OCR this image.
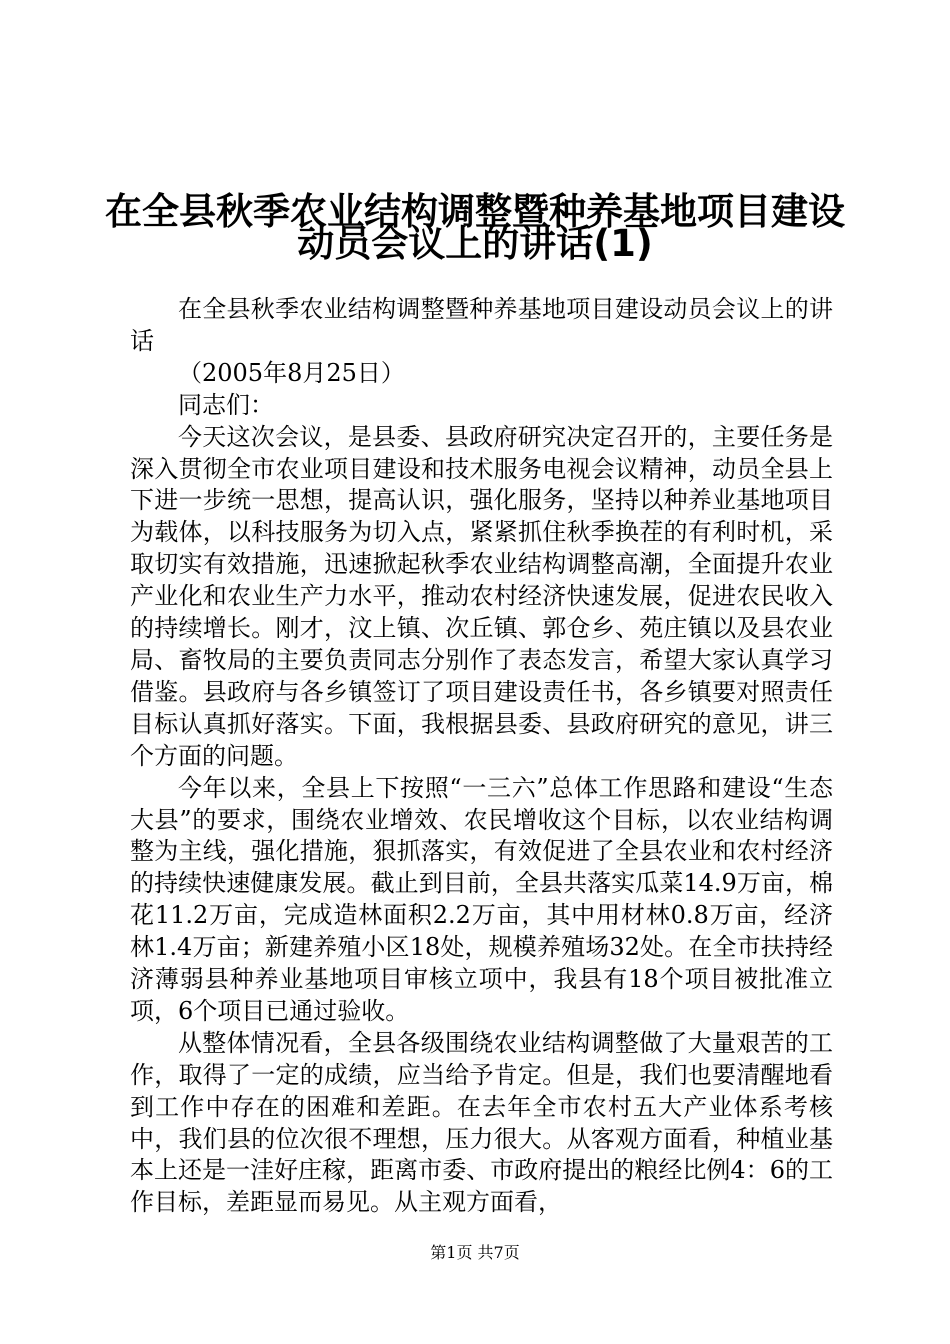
在全县秋季农业结构调整暨种养基地项目建设
动员会议上的讲话(1)

在全县秋季农业结构调整暨种养基地项目建设动员会议上的讲话

（2005年8月25日）

同志们：

今天这次会议，是县委、县政府研究决定召开的，主要任务是深入贯彻全市农业项目建设和技术服务电视会议精神，动员全县上下进一步统一思想，提高认识，强化服务，坚持以种养业基地项目为载体，以科技服务为切入点，紧紧抓住秋季换茬的有利时机，采取切实有效措施，迅速掀起秋季农业结构调整高潮，全面提升农业产业化和农业生产力水平，推动农村经济快速发展，促进农民收入的持续增长。刚才，汶上镇、次丘镇、郭仓乡、苑庄镇以及县农业局、畜牧局的主要负责同志分别作了表态发言，希望大家认真学习借鉴。县政府与各乡镇签订了项目建设责任书，各乡镇要对照责任目标认真抓好落实。下面，我根据县委、县政府研究的意见，讲三个方面的问题。

今年以来，全县上下按照“一三六”总体工作思路和建设“生态大县”的要求，围绕农业增效、农民增收这个目标，以农业结构调整为主线，强化措施，狠抓落实，有效促进了全县农业和农村经济的持续快速健康发展。截止到目前，全县共落实瓜菜14.9万亩，棉花11.2万亩，完成造林面积2.2万亩，其中用材林0.8万亩，经济林1.4万亩；新建养殖小区18处，规模养殖场32处。在全市扶持经济薄弱县种养业基地项目审核立项中，我县有18个项目被批准立项，6个项目已通过验收。

从整体情况看，全县各级围绕农业结构调整做了大量艰苦的工作，取得了一定的成绩，应当给予肯定。但是，我们也要清醒地看到工作中存在的困难和差距。在去年全市农村五大产业体系考核中，我们县的位次很不理想，压力很大。从客观方面看，种植业基本上还是一洼好庄稼，距离市委、市政府提出的粮经比例4：6的工作目标，差距显而易见。从主观方面看，

第1页 共7页
